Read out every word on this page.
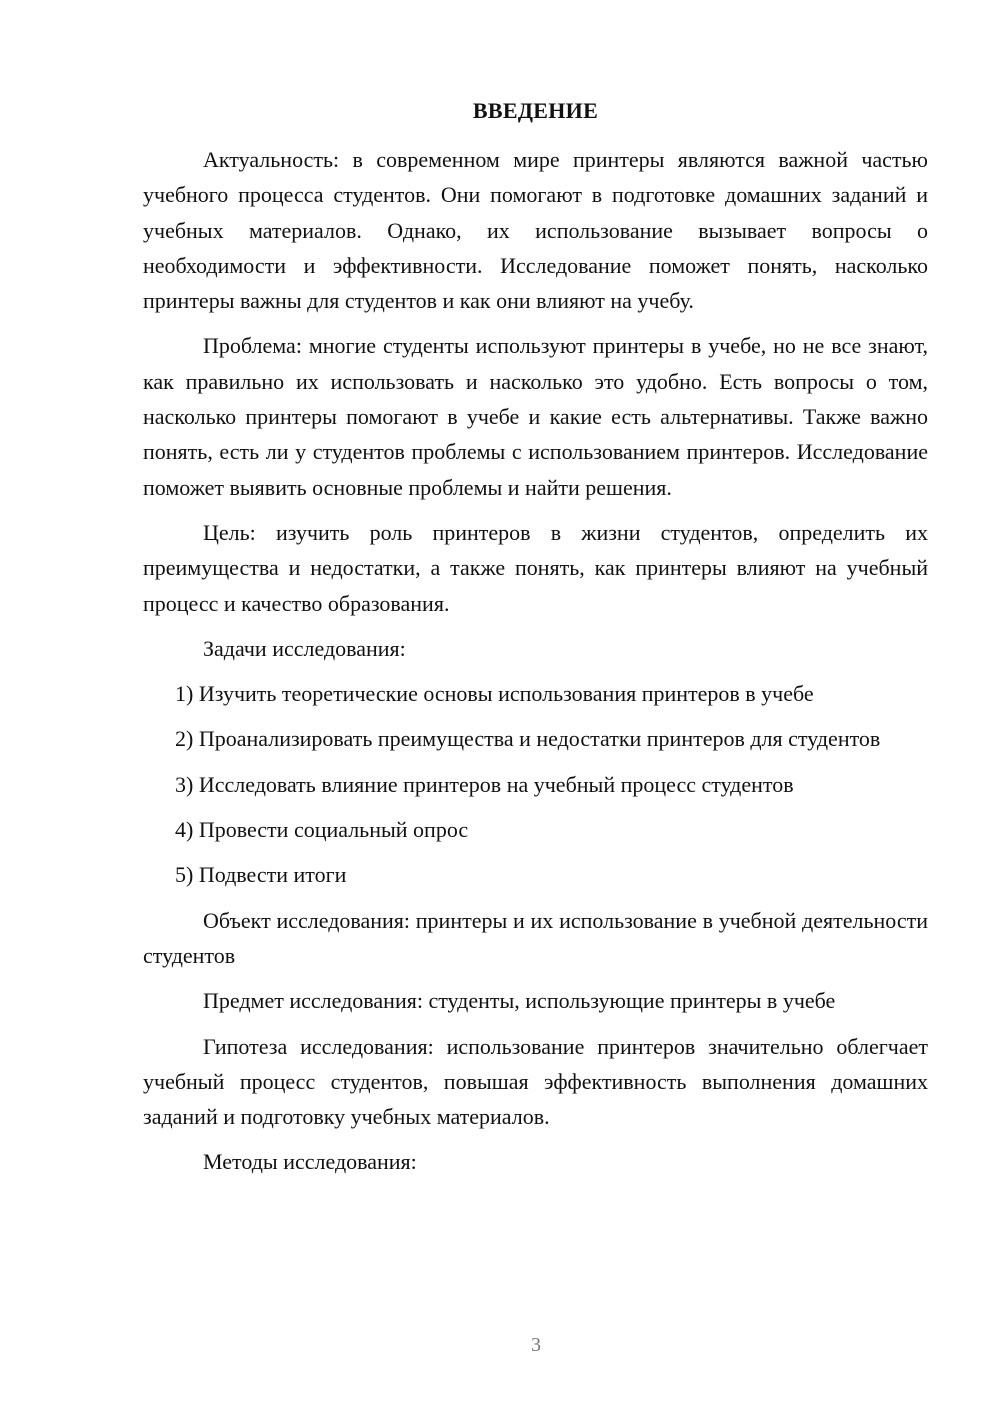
ВВЕДЕНИЕ

Актуальность: в современном мире принтеры являются важной частью учебного процесса студентов. Они помогают в подготовке домашних заданий и учебных материалов. Однако, их использование вызывает вопросы о необходимости и эффективности. Исследование поможет понять, насколько принтеры важны для студентов и как они влияют на учебу.

Проблема: многие студенты используют принтеры в учебе, но не все знают, как правильно их использовать и насколько это удобно. Есть вопросы о том, насколько принтеры помогают в учебе и какие есть альтернативы. Также важно понять, есть ли у студентов проблемы с использованием принтеров. Исследование поможет выявить основные проблемы и найти решения.

Цель: изучить роль принтеров в жизни студентов, определить их преимущества и недостатки, а также понять, как принтеры влияют на учебный процесс и качество образования.

Задачи исследования:

1) Изучить теоретические основы использования принтеров в учебе

2) Проанализировать преимущества и недостатки принтеров для студентов

3) Исследовать влияние принтеров на учебный процесс студентов

4) Провести социальный опрос

5) Подвести итоги

Объект исследования: принтеры и их использование в учебной деятельности студентов

Предмет исследования: студенты, использующие принтеры в учебе

Гипотеза исследования: использование принтеров значительно облегчает учебный процесс студентов, повышая эффективность выполнения домашних заданий и подготовку учебных материалов.

Методы исследования:

3
